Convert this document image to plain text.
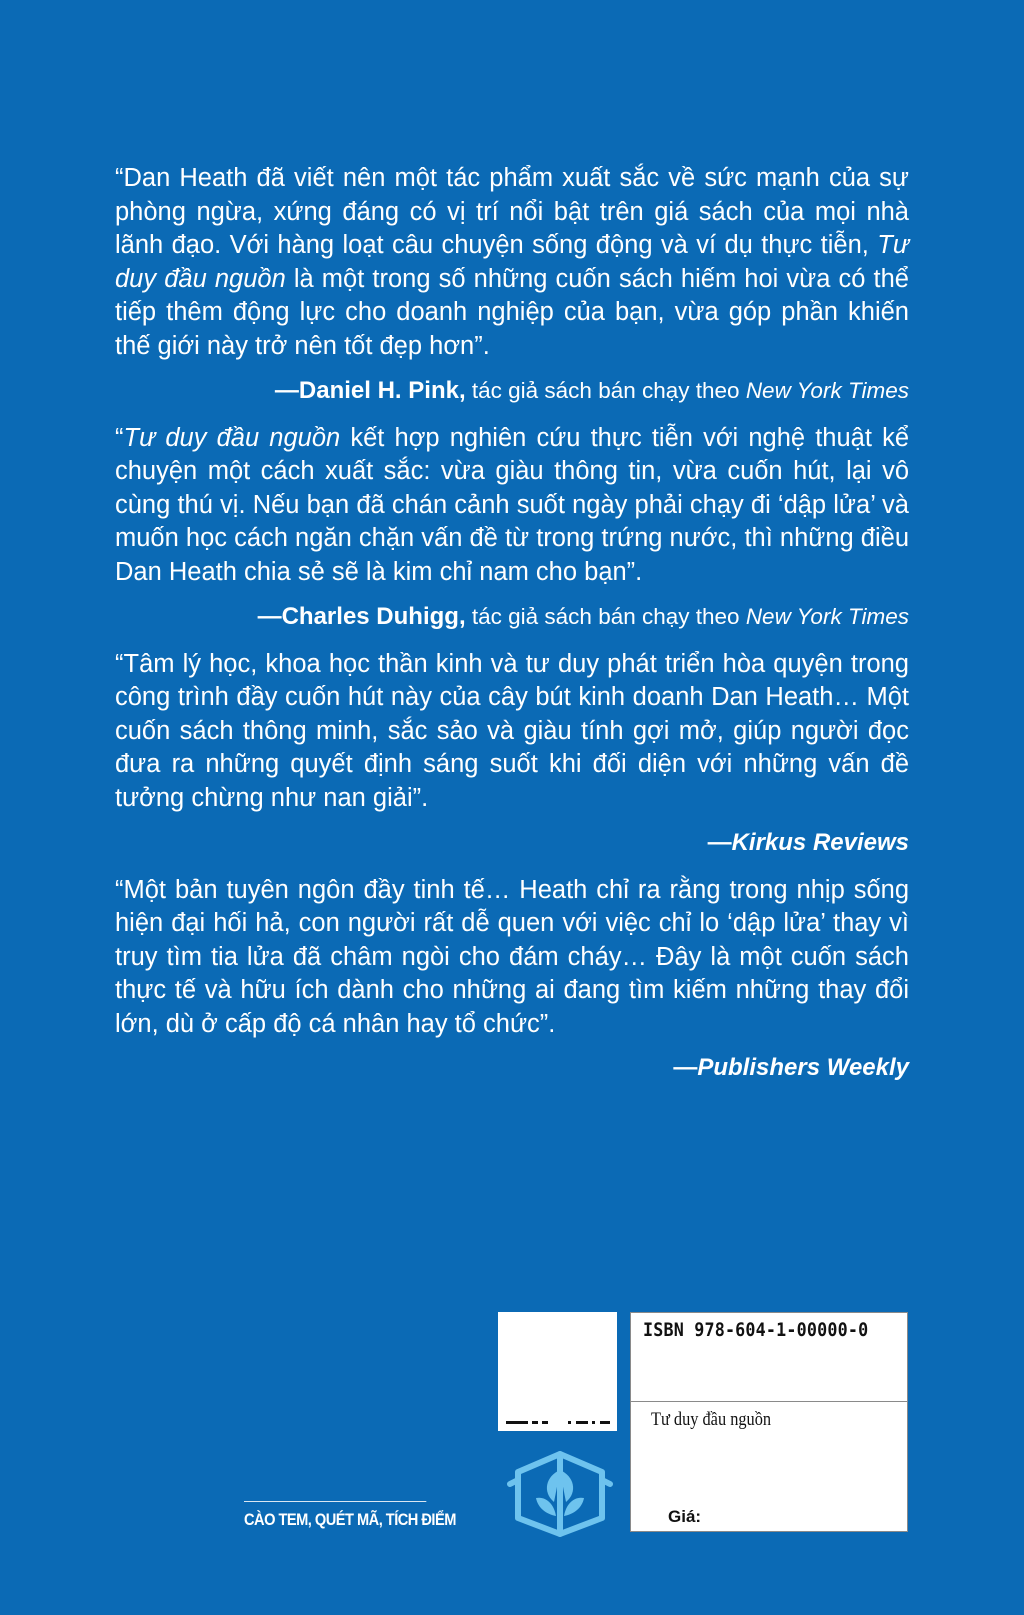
“Dan Heath đã viết nên một tác phẩm xuất sắc về sức mạnh của sự phòng ngừa, xứng đáng có vị trí nổi bật trên giá sách của mọi nhà lãnh đạo. Với hàng loạt câu chuyện sống động và ví dụ thực tiễn, Tư duy đầu nguồn là một trong số những cuốn sách hiếm hoi vừa có thể tiếp thêm động lực cho doanh nghiệp của bạn, vừa góp phần khiến thế giới này trở nên tốt đẹp hơn”.

—Daniel H. Pink, tác giả sách bán chạy theo New York Times

“Tư duy đầu nguồn kết hợp nghiên cứu thực tiễn với nghệ thuật kể chuyện một cách xuất sắc: vừa giàu thông tin, vừa cuốn hút, lại vô cùng thú vị. Nếu bạn đã chán cảnh suốt ngày phải chạy đi ‘dập lửa’ và muốn học cách ngăn chặn vấn đề từ trong trứng nước, thì những điều Dan Heath chia sẻ sẽ là kim chỉ nam cho bạn”.

—Charles Duhigg, tác giả sách bán chạy theo New York Times

“Tâm lý học, khoa học thần kinh và tư duy phát triển hòa quyện trong công trình đầy cuốn hút này của cây bút kinh doanh Dan Heath… Một cuốn sách thông minh, sắc sảo và giàu tính gợi mở, giúp người đọc đưa ra những quyết định sáng suốt khi đối diện với những vấn đề tưởng chừng như nan giải”.

—Kirkus Reviews

“Một bản tuyên ngôn đầy tinh tế… Heath chỉ ra rằng trong nhịp sống hiện đại hối hả, con người rất dễ quen với việc chỉ lo ‘dập lửa’ thay vì truy tìm tia lửa đã châm ngòi cho đám cháy… Đây là một cuốn sách thực tế và hữu ích dành cho những ai đang tìm kiếm những thay đổi lớn, dù ở cấp độ cá nhân hay tổ chức”.

—Publishers Weekly
CÀO TEM, QUÉT MÃ, TÍCH ĐIỂM
ISBN 978-604-1-00000-0
Tư duy đầu nguồn
Giá:
